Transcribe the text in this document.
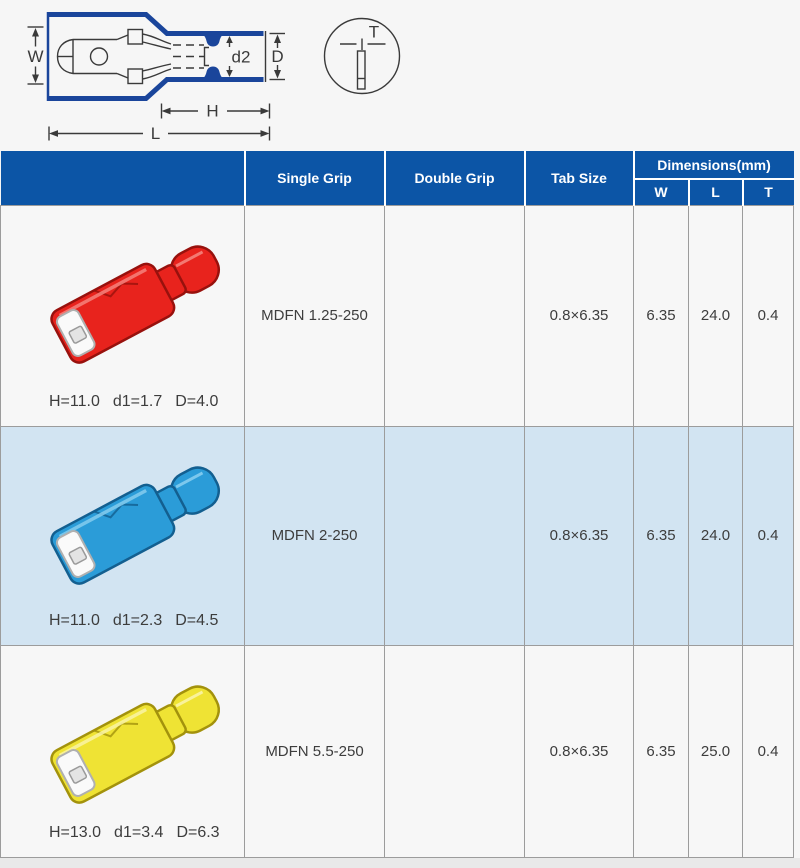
d2
W	D
H
L
T
	Single Grip	Double Grip	Tab Size	Dimensions(mm)		
				W	L	T

H=11.0 d1=1.7 D=4.0	MDFN 1.25-250		0.8×6.35	6.35	24.0	0.4

H=11.0 d1=2.3 D=4.5	MDFN 2-250		0.8×6.35	6.35	24.0	0.4

H=13.0 d1=3.4 D=6.3	MDFN 5.5-250		0.8×6.35	6.35	25.0	0.4
